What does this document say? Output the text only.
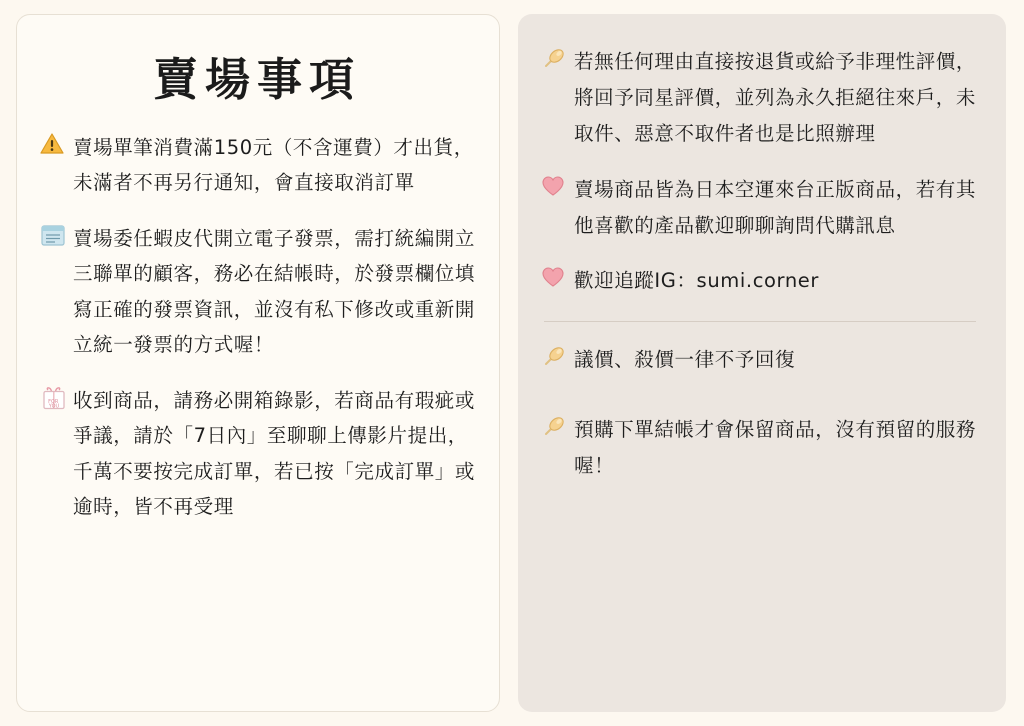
賣場事項
賣場單筆消費滿150元（不含運費）才出貨，未滿者不再另行通知，會直接取消訂單
賣場委任蝦皮代開立電子發票，需打統編開立三聯單的顧客，務必在結帳時，於發票欄位填寫正確的發票資訊，並沒有私下修改或重新開立統一發票的方式喔！
FOR YOU 收到商品，請務必開箱錄影，若商品有瑕疵或爭議，請於「7日內」至聊聊上傳影片提出，千萬不要按完成訂單，若已按「完成訂單」或逾時，皆不再受理
若無任何理由直接按退貨或給予非理性評價，將回予同星評價，並列為永久拒絕往來戶，未取件、惡意不取件者也是比照辦理
賣場商品皆為日本空運來台正版商品，若有其他喜歡的產品歡迎聊聊詢問代購訊息
歡迎追蹤IG：sumi.corner
議價、殺價一律不予回復
預購下單結帳才會保留商品，沒有預留的服務喔！
